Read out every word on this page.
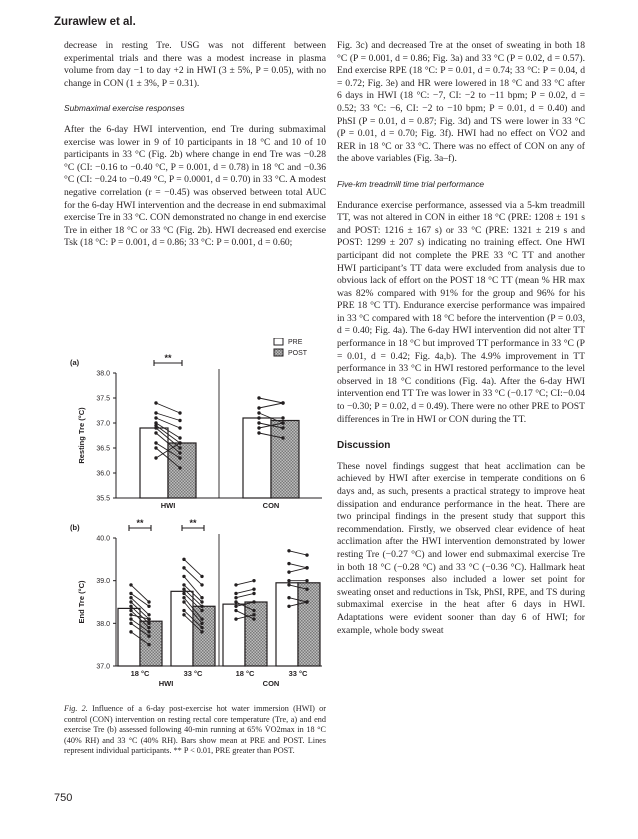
Zurawlew et al.

decrease in resting Tre. USG was not different between experimental trials and there was a modest increase in plasma volume from day −1 to day +2 in HWI (3 ± 5%, P = 0.05), with no change in CON (1 ± 3%, P = 0.31).

Submaximal exercise responses

After the 6-day HWI intervention, end Tre during submaximal exercise was lower in 9 of 10 participants in 18 °C and 10 of 10 participants in 33 °C (Fig. 2b) where change in end Tre was −0.28 °C (CI: −0.16 to −0.40 °C, P = 0.001, d = 0.78) in 18 °C and −0.36 °C (CI: −0.24 to −0.49 °C, P = 0.0001, d = 0.70) in 33 °C. A modest negative correlation (r = −0.45) was observed between total AUC for the 6-day HWI intervention and the decrease in end submaximal exercise Tre in 33 °C. CON demonstrated no change in end exercise Tre in either 18 °C or 33 °C (Fig. 2b). HWI decreased end exercise Tsk (18 °C: P = 0.001, d = 0.86; 33 °C: P = 0.001, d = 0.60;

(a)
35.5
36.0
36.5
37.0
37.5
38.0
Resting Tre (°C)
**
HWI	CON
PRE
POST
(b)
37.0
38.0
39.0
40.0
End Tre (°C)
**	**
18 °C	33 °C	18 °C	33 °C
HWI	CON
Fig. 2. Influence of a 6-day post-exercise hot water immersion (HWI) or control (CON) intervention on resting rectal core temperature (Tre, a) and end exercise Tre (b) assessed following 40-min running at 65% V̇O2max in 18 °C (40% RH) and 33 °C (40% RH). Bars show mean at PRE and POST. Lines represent individual participants. ** P < 0.01, PRE greater than POST.
750

Fig. 3c) and decreased Tre at the onset of sweating in both 18 °C (P = 0.001, d = 0.86; Fig. 3a) and 33 °C (P = 0.02, d = 0.57). End exercise RPE (18 °C: P = 0.01, d = 0.74; 33 °C: P = 0.04, d = 0.72; Fig. 3e) and HR were lowered in 18 °C and 33 °C after 6 days in HWI (18 °C: −7, CI: −2 to −11 bpm; P = 0.02, d = 0.52; 33 °C: −6, CI: −2 to −10 bpm; P = 0.01, d = 0.40) and PhSI (P = 0.01, d = 0.87; Fig. 3d) and TS were lower in 33 °C (P = 0.01, d = 0.70; Fig. 3f). HWI had no effect on V̇O2 and RER in 18 °C or 33 °C. There was no effect of CON on any of the above variables (Fig. 3a–f).

Five-km treadmill time trial performance

Endurance exercise performance, assessed via a 5-km treadmill TT, was not altered in CON in either 18 °C (PRE: 1208 ± 191 s and POST: 1216 ± 167 s) or 33 °C (PRE: 1321 ± 219 s and POST: 1299 ± 207 s) indicating no training effect. One HWI participant did not complete the PRE 33 °C TT and another HWI participant’s TT data were excluded from analysis due to obvious lack of effort on the POST 18 °C TT (mean % HR max was 82% compared with 91% for the group and 96% for his PRE 18 °C TT). Endurance exercise performance was impaired in 33 °C compared with 18 °C before the intervention (P = 0.03, d = 0.40; Fig. 4a). The 6-day HWI intervention did not alter TT performance in 18 °C but improved TT performance in 33 °C (P = 0.01, d = 0.42; Fig. 4a,b). The 4.9% improvement in TT performance in 33 °C in HWI restored performance to the level observed in 18 °C conditions (Fig. 4a). After the 6-day HWI intervention end TT Tre was lower in 33 °C (−0.17 °C; CI:−0.04 to −0.30; P = 0.02, d = 0.49). There were no other PRE to POST differences in Tre in HWI or CON during the TT.

Discussion

These novel findings suggest that heat acclimation can be achieved by HWI after exercise in temperate conditions on 6 days and, as such, presents a practical strategy to improve heat dissipation and endurance performance in the heat. There are two principal findings in the present study that support this recommendation. Firstly, we observed clear evidence of heat acclimation after the HWI intervention demonstrated by lower resting Tre (−0.27 °C) and lower end submaximal exercise Tre in both 18 °C (−0.28 °C) and 33 °C (−0.36 °C). Hallmark heat acclimation responses also included a lower set point for sweating onset and reductions in Tsk, PhSI, RPE, and TS during submaximal exercise in the heat after 6 days in HWI. Adaptations were evident sooner than day 6 of HWI; for example, whole body sweat
